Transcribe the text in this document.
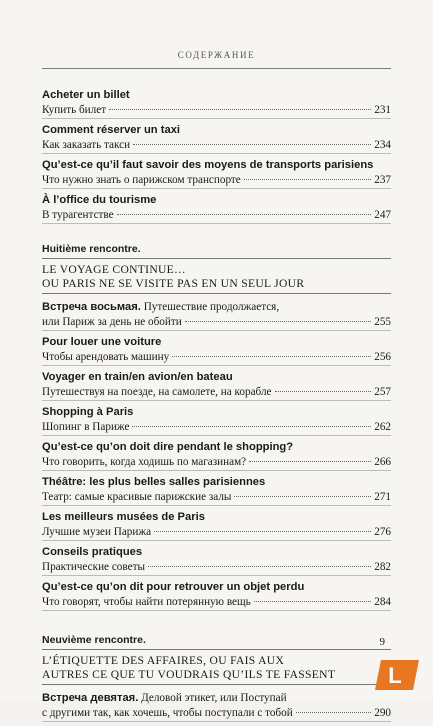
СОДЕРЖАНИЕ
Acheter un billet
Купить билет	231
Comment réserver un taxi
Как заказать такси	234
Qu’est-ce qu’il faut savoir des moyens de transports parisiens
Что нужно знать о парижском транспорте	237
À l’office du tourisme
В турагентстве	247
Huitième rencontre.
LE VOYAGE CONTINUE…
OU PARIS NE SE VISITE PAS EN UN SEUL JOUR
Встреча восьмая. Путешествие продолжается,
или Париж за день не обойти	255
Pour louer une voiture
Чтобы арендовать машину	256
Voyager en train/en avion/en bateau
Путешествуя на поезде, на самолете, на корабле	257
Shopping à Paris
Шопинг в Париже	262
Qu’est-ce qu’on doit dire pendant le shopping?
Что говорить, когда ходишь по магазинам?	266
Théâtre: les plus belles salles parisiennes
Театр: самые красивые парижские залы	271
Les meilleurs musées de Paris
Лучшие музеи Парижа	276
Conseils pratiques
Практические советы	282
Qu’est-ce qu’on dit pour retrouver un objet perdu
Что говорят, чтобы найти потерянную вещь	284
Neuvième rencontre.
L’ÉTIQUETTE DES AFFAIRES, OU FAIS AUX
AUTRES CE QUE TU VOUDRAIS QU’ILS TE FASSENT
Встреча девятая. Деловой этикет, или Поступай
с другими так, как хочешь, чтобы поступали с тобой	290
9
L
